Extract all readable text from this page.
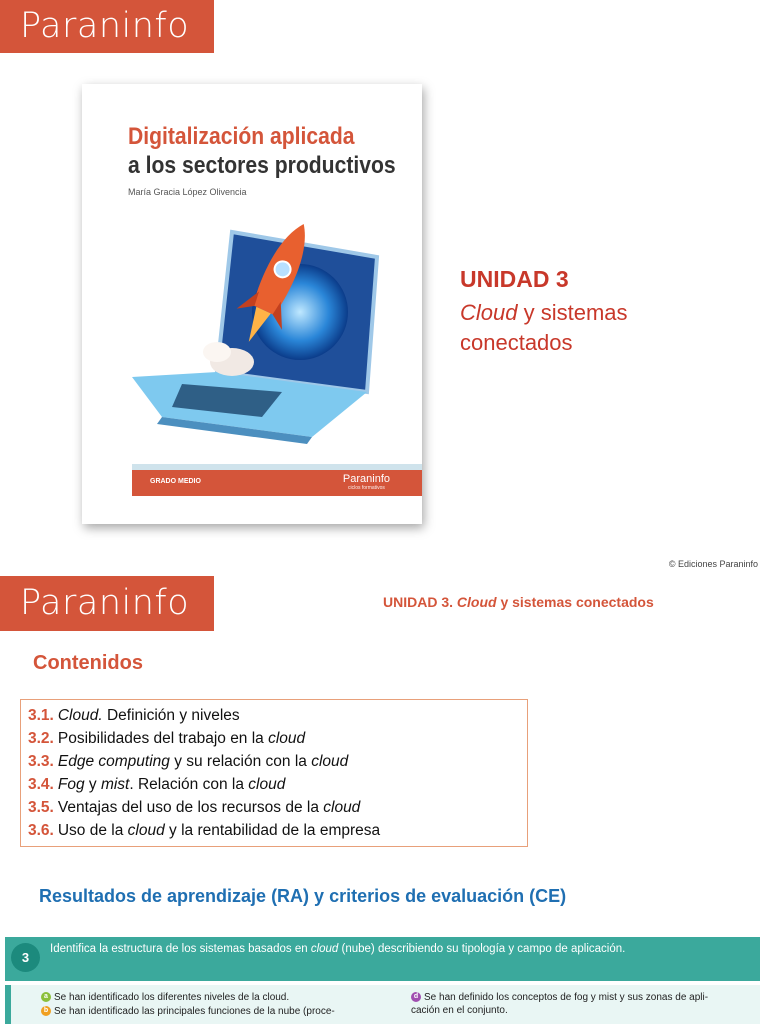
Paraninfo
Digitalización aplicada
a los sectores productivos
María Gracia López Olivencia
GRADO MEDIO	Paraninfo
ciclos formativos
UNIDAD 3
Cloud y sistemas conectados
© Ediciones Paraninfo
Paraninfo	UNIDAD 3. Cloud y sistemas conectados
Contenidos
3.1. Cloud. Definición y niveles
3.2. Posibilidades del trabajo en la cloud
3.3. Edge computing y su relación con la cloud
3.4. Fog y mist. Relación con la cloud
3.5. Ventajas del uso de los recursos de la cloud
3.6. Uso de la cloud y la rentabilidad de la empresa
Resultados de aprendizaje (RA) y criterios de evaluación (CE)
3
Identifica la estructura de los sistemas basados en cloud (nube) describiendo su tipología y campo de aplicación.
a Se han identificado los diferentes niveles de la cloud.
b Se han identificado las principales funciones de la nube (proce-
d Se han definido los conceptos de fog y mist y sus zonas de apli-
cación en el conjunto.
